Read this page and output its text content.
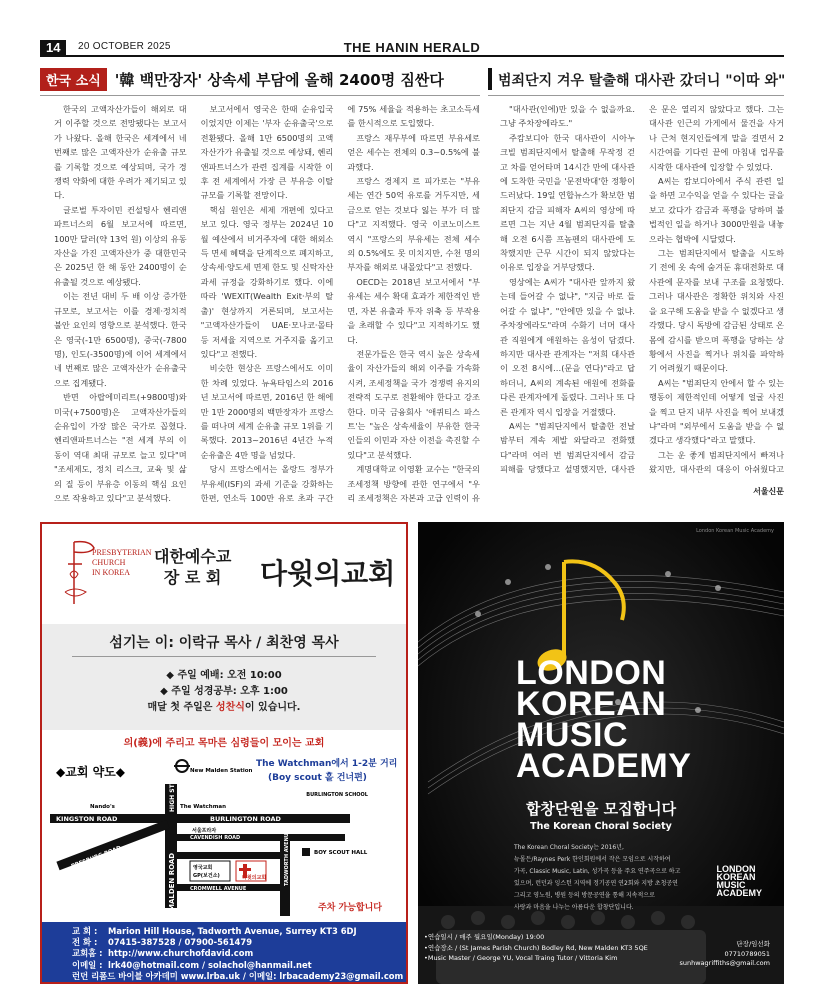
14	20 OCTOBER 2025	THE HANIN HERALD
한국 소식 '韓 백만장자' 상속세 부담에 올해 2400명 짐싼다

한국의 고액자산가들이 해외로 대거 이주할 것으로 전망됐다는 보고서가 나왔다. 올해 한국은 세계에서 네 번째로 많은 고액자산가 순유출 규모를 기록할 것으로 예상되며, 국가 경쟁력 약화에 대한 우려가 제기되고 있다.

글로벌 투자이민 컨설팅사 헨리앤파트너스의 6월 보고서에 따르면, 100만 달러(약 13억 원) 이상의 유동자산을 가진 고액자산가 중 대한민국은 2025년 한 해 동안 2400명이 순유출될 것으로 예상됐다.

이는 전년 대비 두 배 이상 증가한 규모로, 보고서는 이를 경제·정치적 불안 요인의 영향으로 분석했다. 한국은 영국(-1만 6500명), 중국(-7800명), 인도(-3500명)에 이어 세계에서 네 번째로 많은 고액자산가 순유출국으로 집계됐다.

반면 아랍에미리트(+9800명)와 미국(+7500명)은 고액자산가들의 순유입이 가장 많은 국가로 꼽혔다. 헨리앤파트너스는 "전 세계 부의 이동이 역대 최대 규모로 늘고 있다"며 "조세제도, 정치 리스크, 교육 및 삶의 질 등이 부유층 이동의 핵심 요인으로 작용하고 있다"고 분석했다.

보고서에서 영국은 한때 순유입국이었지만 이제는 '부자 순유출국'으로 전환됐다. 올해 1만 6500명의 고액자산가가 유출될 것으로 예상돼, 헨리앤파트너스가 관련 집계를 시작한 이후 전 세계에서 가장 큰 부유층 이탈 규모를 기록할 전망이다.

핵심 원인은 세제 개편에 있다고 보고 있다. 영국 정부는 2024년 10월 예산에서 비거주자에 대한 해외소득 면세 혜택을 단계적으로 폐지하고, 상속세·양도세 면제 한도 및 신탁자산 과세 규정을 강화하기로 했다. 이에 따라 'WEXIT(Wealth Exit·부의 탈출)' 현상까지 거론되며, 보고서는 "고액자산가들이 UAE·모나코·몰타 등 저세율 지역으로 거주지를 옮기고 있다"고 전했다.

비슷한 현상은 프랑스에서도 이미 한 차례 있었다. 뉴욕타임스의 2016년 보고서에 따르면, 2016년 한 해에만 1만 2000명의 백만장자가 프랑스를 떠나며 세계 순유출 규모 1위를 기록했다. 2013~2016년 4년간 누적 순유출은 4만 명을 넘었다.

당시 프랑스에서는 올랑드 정부가 부유세(ISF)의 과세 기준을 강화하는 한편, 연소득 100만 유로 초과 구간에 75% 세율을 적용하는 초고소득세를 한시적으로 도입했다.

프랑스 재무부에 따르면 부유세로 얻은 세수는 전체의 0.3~0.5%에 불과했다.

프랑스 경제지 르 피가로는 "부유세는 연간 50억 유로를 거두지만, 세금으로 얻는 것보다 잃는 부가 더 많다"고 지적했다. 영국 이코노미스트 역시 "프랑스의 부유세는 전체 세수의 0.5%에도 못 미치지만, 수천 명의 부자를 해외로 내몰았다"고 전했다.

OECD는 2018년 보고서에서 "부유세는 세수 확대 효과가 제한적인 반면, 자본 유출과 투자 위축 등 부작용을 초래할 수 있다"고 지적하기도 했다.

전문가들은 한국 역시 높은 상속세율이 자산가들의 해외 이주를 가속화시켜, 조세정책을 국가 경쟁력 유지의 전략적 도구로 전환해야 한다고 강조한다. 미국 금융회사 '애퀴티스 파스트'는 "높은 상속세율이 부유한 한국인들의 이민과 자산 이전을 촉진할 수 있다"고 분석했다.

계명대학교 이영환 교수는 "한국의 조세정책 방향에 관한 연구에서 "우리 조세정책은 자본과 고급 인력이 유

범죄단지 겨우 탈출해 대사관 갔더니 "이따 와"

"대사관(인에)만 있을 수 없을까요. 그냥 주차장에라도."

주캄보디아 한국 대사관이 시아누크빌 범죄단지에서 탈출해 무작정 걷고 차를 얻어타며 14시간 만에 대사관에 도착한 국민을 '문전박대'한 정황이 드러났다. 19일 연합뉴스가 확보한 범죄단지 감금 피해자 A씨의 영상에 따르면 그는 지난 4월 범죄단지를 탈출해 오전 6시쯤 프놈펜의 대사관에 도착했지만 근무 시간이 되지 않았다는 이유로 입장을 거부당했다.

영상에는 A씨가 "대사관 앞까지 왔는데 들어갈 수 없냐", "지금 바로 들어갈 수 없냐", "안에만 있을 수 없냐. 주차장에라도"라며 수화기 너머 대사관 직원에게 애원하는 음성이 담겼다. 하지만 대사관 관계자는 "저희 대사관이 오전 8시에…(문을 연다)"라고 답하더니, A씨의 계속된 애원에 전화를 다른 관계자에게 돌렸다. 그러나 또 다른 관계자 역시 입장을 거절했다.

A씨는 "범죄단지에서 탈출한 전날 밤부터 계속 제발 와달라고 전화했다"라며 여러 번 범죄단지에서 감금 피해를 당했다고 설명했지만, 대사관은 문은 열리지 않았다고 했다. 그는 대사관 인근의 가게에서 물건을 사거나 근처 현지인들에게 말을 걸면서 2시간여를 기다린 끝에 마침내 업무를 시작한 대사관에 입장할 수 있었다.

A씨는 캄보디아에서 주식 관련 일을 하면 고수익을 얻을 수 있다는 글을 보고 갔다가 감금과 폭행을 당하며 불법적인 일을 하거나 3000만원을 내놓으라는 협박에 시달렸다.

그는 범죄단지에서 탈출을 시도하기 전에 옷 속에 숨겨둔 휴대전화로 대사관에 문자를 보내 구조를 요청했다. 그러나 대사관은 정확한 위치와 사진을 요구해 도움을 받을 수 없겠다고 생각했다. 당시 독방에 감금된 상태로 온몸에 감시를 받으며 폭행을 당하는 상황에서 사진을 찍거나 위치를 파악하기 어려웠기 때문이다.

A씨는 "범죄단지 안에서 할 수 있는 행동이 제한적인데 어떻게 얼굴 사진을 찍고 단지 내부 사진을 찍어 보내겠냐"라며 "외부에서 도움을 받을 수 없겠다고 생각했다"라고 말했다.

그는 운 좋게 범죄단지에서 빠져나왔지만, 대사관의 대응이 아쉬웠다고

서울신문
PRESBYTERIAN
CHURCH
IN KOREA
대한예수교
장 로 회	다윗의교회
섬기는 이: 이락규 목사 / 최찬영 목사
◆ 주일 예배: 오전 10:00
◆ 주일 성경공부: 오후 1:00
매달 첫 주일은 성찬식이 있습니다.
의(義)에 주리고 목마른 심령들이 모이는 교회
◆교회 약도◆	New Malden Station
The Watchman에서 1-2분 거리
(Boy scout 홀 건너편)
Nando's	The Watchman
BURLINGTON SCHOOL
KINGSTON ROAD	BURLINGTON ROAD
HIGH STREET
MALDEN ROAD
PRESBURG ROAD
CAVENDISH ROAD
CROMWELL AVENUE
TADWORTH AVENUE
서울프라자
영국교회
GP(보건소)	다윗의교회
BOY SCOUT HALL
주차 가능합니다
교 회 :	Marion Hill House, Tadworth Avenue, Surrey KT3 6DJ
전 화 :	07415-387528 / 07900-561479
교회홈 : http://www.churchofdavid.com
이메일 : lrk40@hotmail.com / solachol@hanmail.net
런던 리폼드 바이블 아카데미 www.lrba.uk / 이메일: lrbacademy23@gmail.com
London Korean Music Academy
LONDON
KOREAN
MUSIC
ACADEMY
합창단원을 모집합니다
The Korean Choral Society
The Korean Choral Society는 2016년,
뉴몰든/Raynes Perk 한인회원에서 작은 모임으로 시작하여
가곡, Classic Music, Latin, 성가곡 등을 주요 연주곡으로 하고
있으며, 런던과 잉스턴 지역에 정기공연 연2회와 지방 초청공연
그리고 영노원, 병원 등의 방문공연을 통해 지속적으로
사랑과 마음을 나누는 아름다운 합창단입니다.
•연습일시 / 매주 월요일(Monday) 19:00
•연습장소 / (St James Parish Church) Bodley Rd, New Malden KT3 5QE
•Music Master / George YU, Vocal Traing Tutor / Vittoria Kim
LONDON
KOREAN
MUSIC
ACADEMY
단장/임선화
07710789051
sunhwagriffiths@gmail.com
